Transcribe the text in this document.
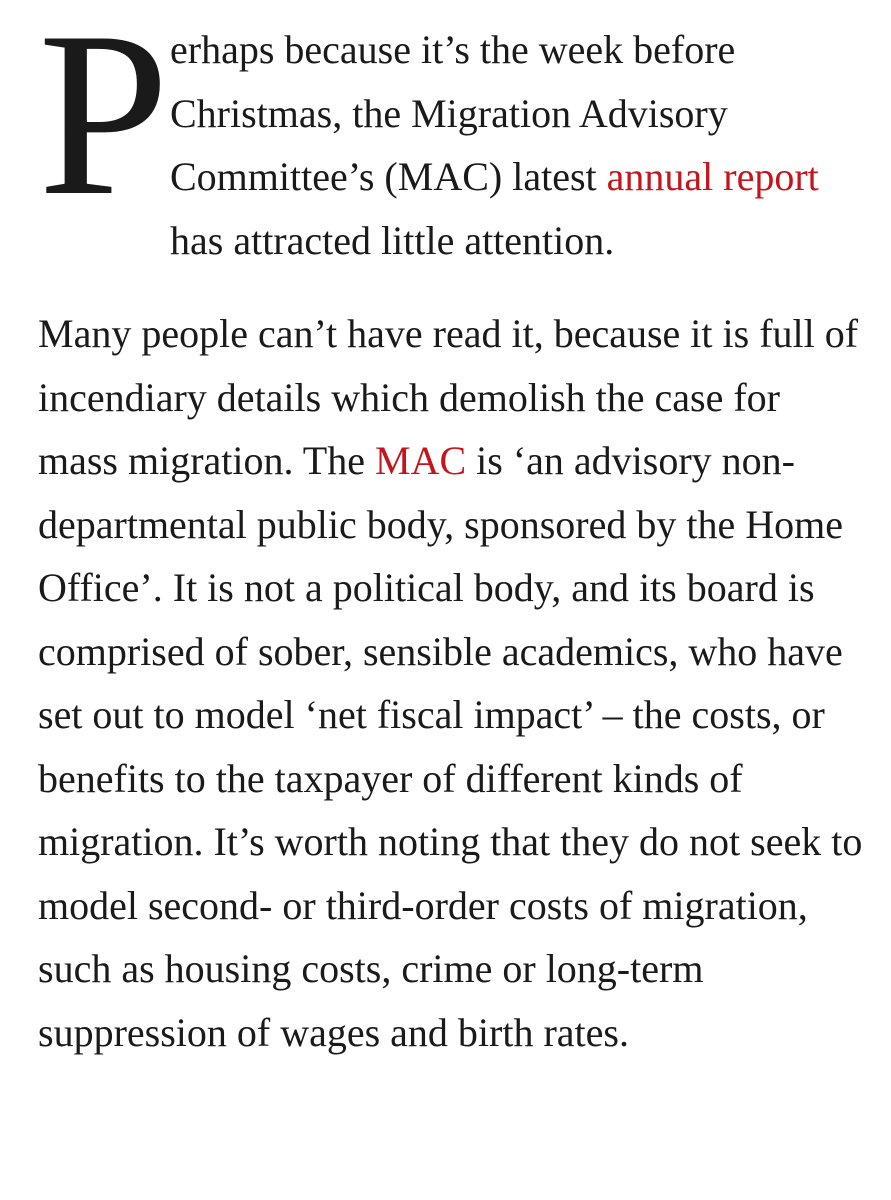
P erhaps because it’s the week before Christmas, the Migration Advisory Committee’s (MAC) latest annual report has attracted little attention.

Many people can’t have read it, because it is full of incendiary details which demolish the case for mass migration. The MAC is ‘an advisory non-departmental public body, sponsored by the Home Office’. It is not a political body, and its board is comprised of sober, sensible academics, who have set out to model ‘net fiscal impact’ – the costs, or benefits to the taxpayer of different kinds of migration. It’s worth noting that they do not seek to model second- or third-order costs of migration, such as housing costs, crime or long-term suppression of wages and birth rates.
